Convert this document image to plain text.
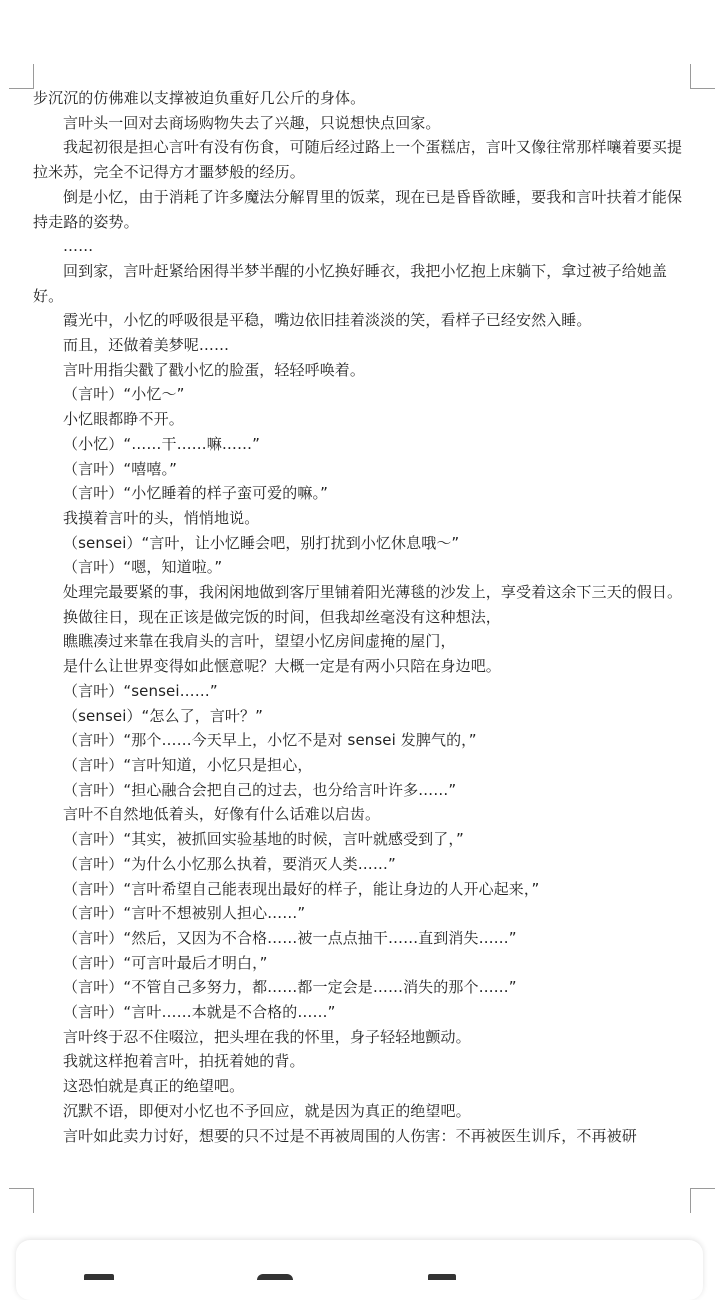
步沉沉的仿佛难以支撑被迫负重好几公斤的身体。

言叶头一回对去商场购物失去了兴趣，只说想快点回家。

我起初很是担心言叶有没有伤食，可随后经过路上一个蛋糕店，言叶又像往常那样嚷着要买提拉米苏，完全不记得方才噩梦般的经历。

倒是小忆，由于消耗了许多魔法分解胃里的饭菜，现在已是昏昏欲睡，要我和言叶扶着才能保持走路的姿势。

……

回到家，言叶赶紧给困得半梦半醒的小忆换好睡衣，我把小忆抱上床躺下，拿过被子给她盖好。

霞光中，小忆的呼吸很是平稳，嘴边依旧挂着淡淡的笑，看样子已经安然入睡。

而且，还做着美梦呢……

言叶用指尖戳了戳小忆的脸蛋，轻轻呼唤着。

（言叶）“小忆～”

小忆眼都睁不开。

（小忆）“……干……嘛……”

（言叶）“嘻嘻。”

（言叶）“小忆睡着的样子蛮可爱的嘛。”

我摸着言叶的头，悄悄地说。

（sensei）“言叶，让小忆睡会吧，别打扰到小忆休息哦～”

（言叶）“嗯，知道啦。”

处理完最要紧的事，我闲闲地做到客厅里铺着阳光薄毯的沙发上，享受着这余下三天的假日。

换做往日，现在正该是做完饭的时间，但我却丝毫没有这种想法，

瞧瞧凑过来靠在我肩头的言叶，望望小忆房间虚掩的屋门，

是什么让世界变得如此惬意呢？大概一定是有两小只陪在身边吧。

（言叶）“sensei……”

（sensei）“怎么了，言叶？”

（言叶）“那个……今天早上，小忆不是对 sensei 发脾气的，”

（言叶）“言叶知道，小忆只是担心，

（言叶）“担心融合会把自己的过去，也分给言叶许多……”

言叶不自然地低着头，好像有什么话难以启齿。

（言叶）“其实，被抓回实验基地的时候，言叶就感受到了，”

（言叶）“为什么小忆那么执着，要消灭人类……”

（言叶）“言叶希望自己能表现出最好的样子，能让身边的人开心起来，”

（言叶）“言叶不想被别人担心……”

（言叶）“然后，又因为不合格……被一点点抽干……直到消失……”

（言叶）“可言叶最后才明白，”

（言叶）“不管自己多努力，都……都一定会是……消失的那个……”

（言叶）“言叶……本就是不合格的……”

言叶终于忍不住啜泣，把头埋在我的怀里，身子轻轻地颤动。

我就这样抱着言叶，拍抚着她的背。

这恐怕就是真正的绝望吧。

沉默不语，即便对小忆也不予回应，就是因为真正的绝望吧。

言叶如此卖力讨好，想要的只不过是不再被周围的人伤害：不再被医生训斥，不再被研
